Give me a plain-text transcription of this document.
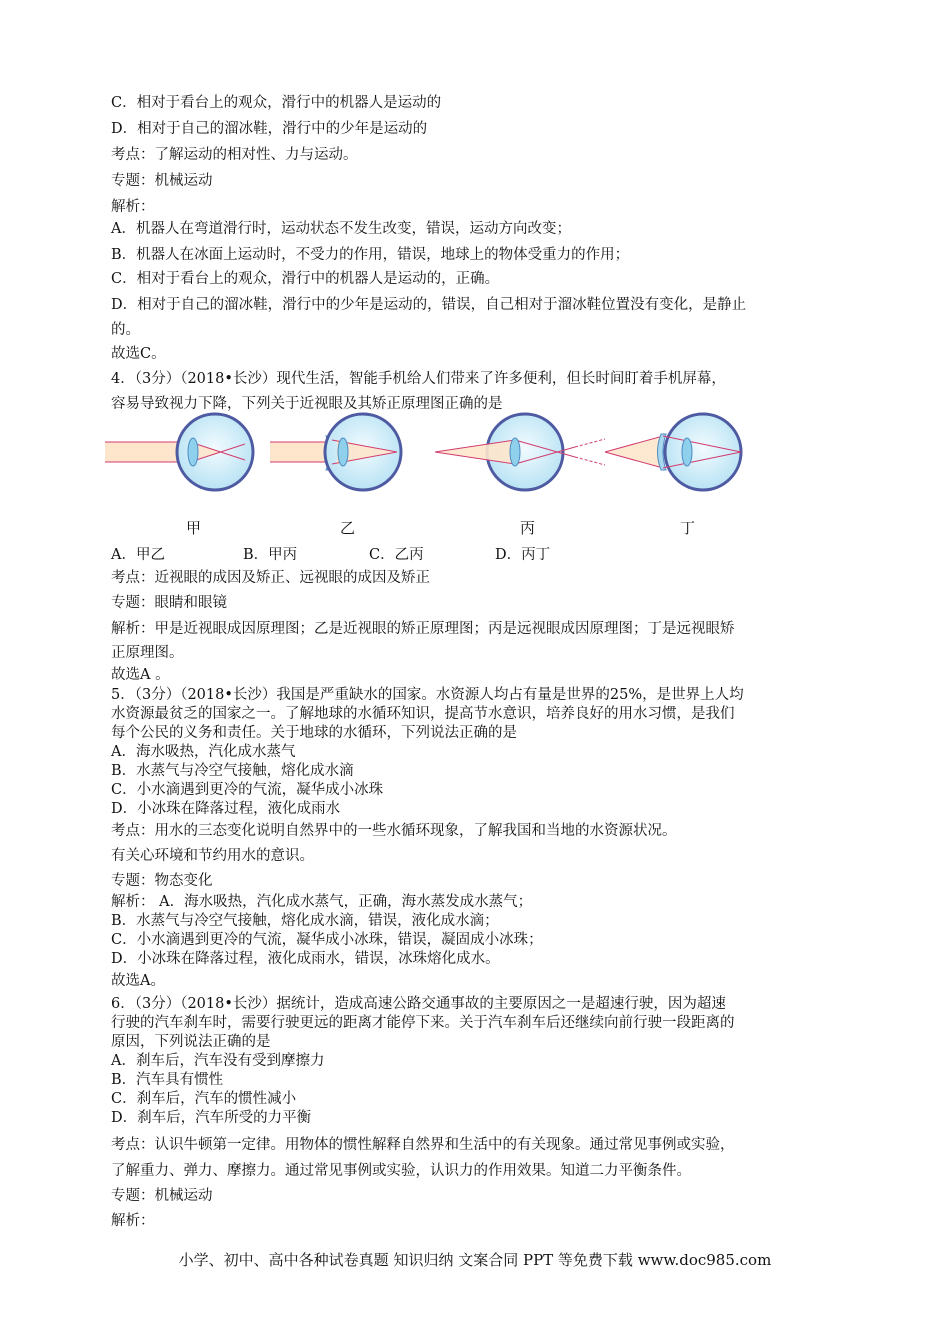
C．相对于看台上的观众，滑行中的机器人是运动的
D．相对于自己的溜冰鞋，滑行中的少年是运动的
考点：了解运动的相对性、力与运动。
专题：机械运动
解析：
A．机器人在弯道滑行时，运动状态不发生改变，错误，运动方向改变；
B．机器人在冰面上运动时，不受力的作用，错误，地球上的物体受重力的作用；
C．相对于看台上的观众，滑行中的机器人是运动的，正确。
D．相对于自己的溜冰鞋，滑行中的少年是运动的，错误，自己相对于溜冰鞋位置没有变化，是静止
的。
故选C。
4．（3分）（2018•长沙）现代生活，智能手机给人们带来了许多便利，但长时间盯着手机屏幕，
容易导致视力下降，下列关于近视眼及其矫正原理图正确的是
甲	乙	丙	丁
A．甲乙	B．甲丙	C．乙丙	D．丙丁
考点：近视眼的成因及矫正、远视眼的成因及矫正
专题：眼睛和眼镜
解析：甲是近视眼成因原理图；乙是近视眼的矫正原理图；丙是远视眼成因原理图；丁是远视眼矫
正原理图。
故选A 。
5．（3分）（2018•长沙）我国是严重缺水的国家。水资源人均占有量是世界的25%，是世界上人均
水资源最贫乏的国家之一。了解地球的水循环知识，提高节水意识，培养良好的用水习惯，是我们
每个公民的义务和责任。关于地球的水循环，下列说法正确的是
A．海水吸热，汽化成水蒸气
B．水蒸气与冷空气接触，熔化成水滴
C．小水滴遇到更冷的气流，凝华成小冰珠
D．小冰珠在降落过程，液化成雨水
考点：用水的三态变化说明自然界中的一些水循环现象，了解我国和当地的水资源状况。
有关心环境和节约用水的意识。
专题：物态变化
解析： A．海水吸热，汽化成水蒸气，正确，海水蒸发成水蒸气；
B．水蒸气与冷空气接触，熔化成水滴，错误，液化成水滴；
C．小水滴遇到更冷的气流，凝华成小冰珠，错误，凝固成小冰珠；
D．小冰珠在降落过程，液化成雨水，错误，冰珠熔化成水。
故选A。
6．（3分）（2018•长沙）据统计，造成高速公路交通事故的主要原因之一是超速行驶，因为超速
行驶的汽车刹车时，需要行驶更远的距离才能停下来。关于汽车刹车后还继续向前行驶一段距离的
原因，下列说法正确的是
A．刹车后，汽车没有受到摩擦力
B．汽车具有惯性
C．刹车后，汽车的惯性减小
D．刹车后，汽车所受的力平衡
考点：认识牛顿第一定律。用物体的惯性解释自然界和生活中的有关现象。通过常见事例或实验，
了解重力、弹力、摩擦力。通过常见事例或实验，认识力的作用效果。知道二力平衡条件。
专题：机械运动
解析：
小学、初中、高中各种试卷真题 知识归纳 文案合同 PPT 等免费下载 www.doc985.com
